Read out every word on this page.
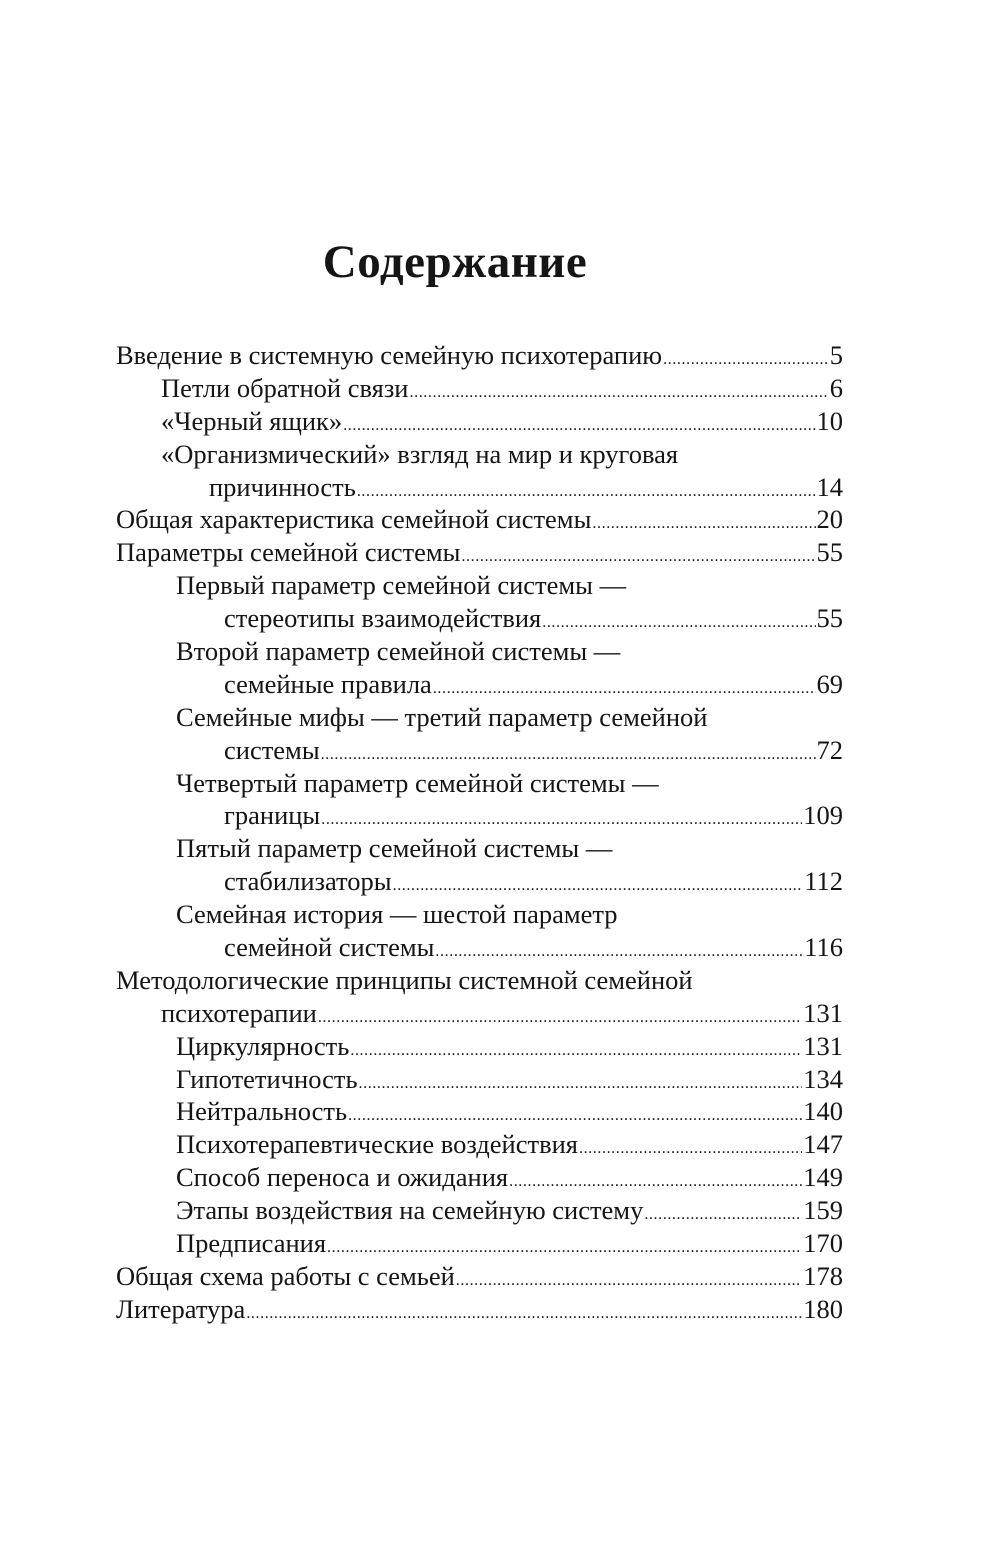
Содержание
Введение в системную семейную психотерапию .....	5
Петли обратной связи .....	6
«Черный ящик» .....	10
«Организмический» взгляд на мир и круговая
причинность .....	14
Общая характеристика семейной системы .....	20
Параметры семейной системы .....	55
Первый параметр семейной системы —
стереотипы взаимодействия .....	55
Второй параметр семейной системы —
семейные правила .....	69
Семейные мифы — третий параметр семейной
системы .....	72
Четвертый параметр семейной системы —
границы .....	109
Пятый параметр семейной системы —
стабилизаторы .....	112
Семейная история — шестой параметр
семейной системы .....	116
Методологические принципы системной семейной
психотерапии .....	131
Циркулярность .....	131
Гипотетичность .....	134
Нейтральность .....	140
Психотерапевтические воздействия .....	147
Способ переноса и ожидания .....	149
Этапы воздействия на семейную систему .....	159
Предписания .....	170
Общая схема работы с семьей .....	178
Литература .....	180
